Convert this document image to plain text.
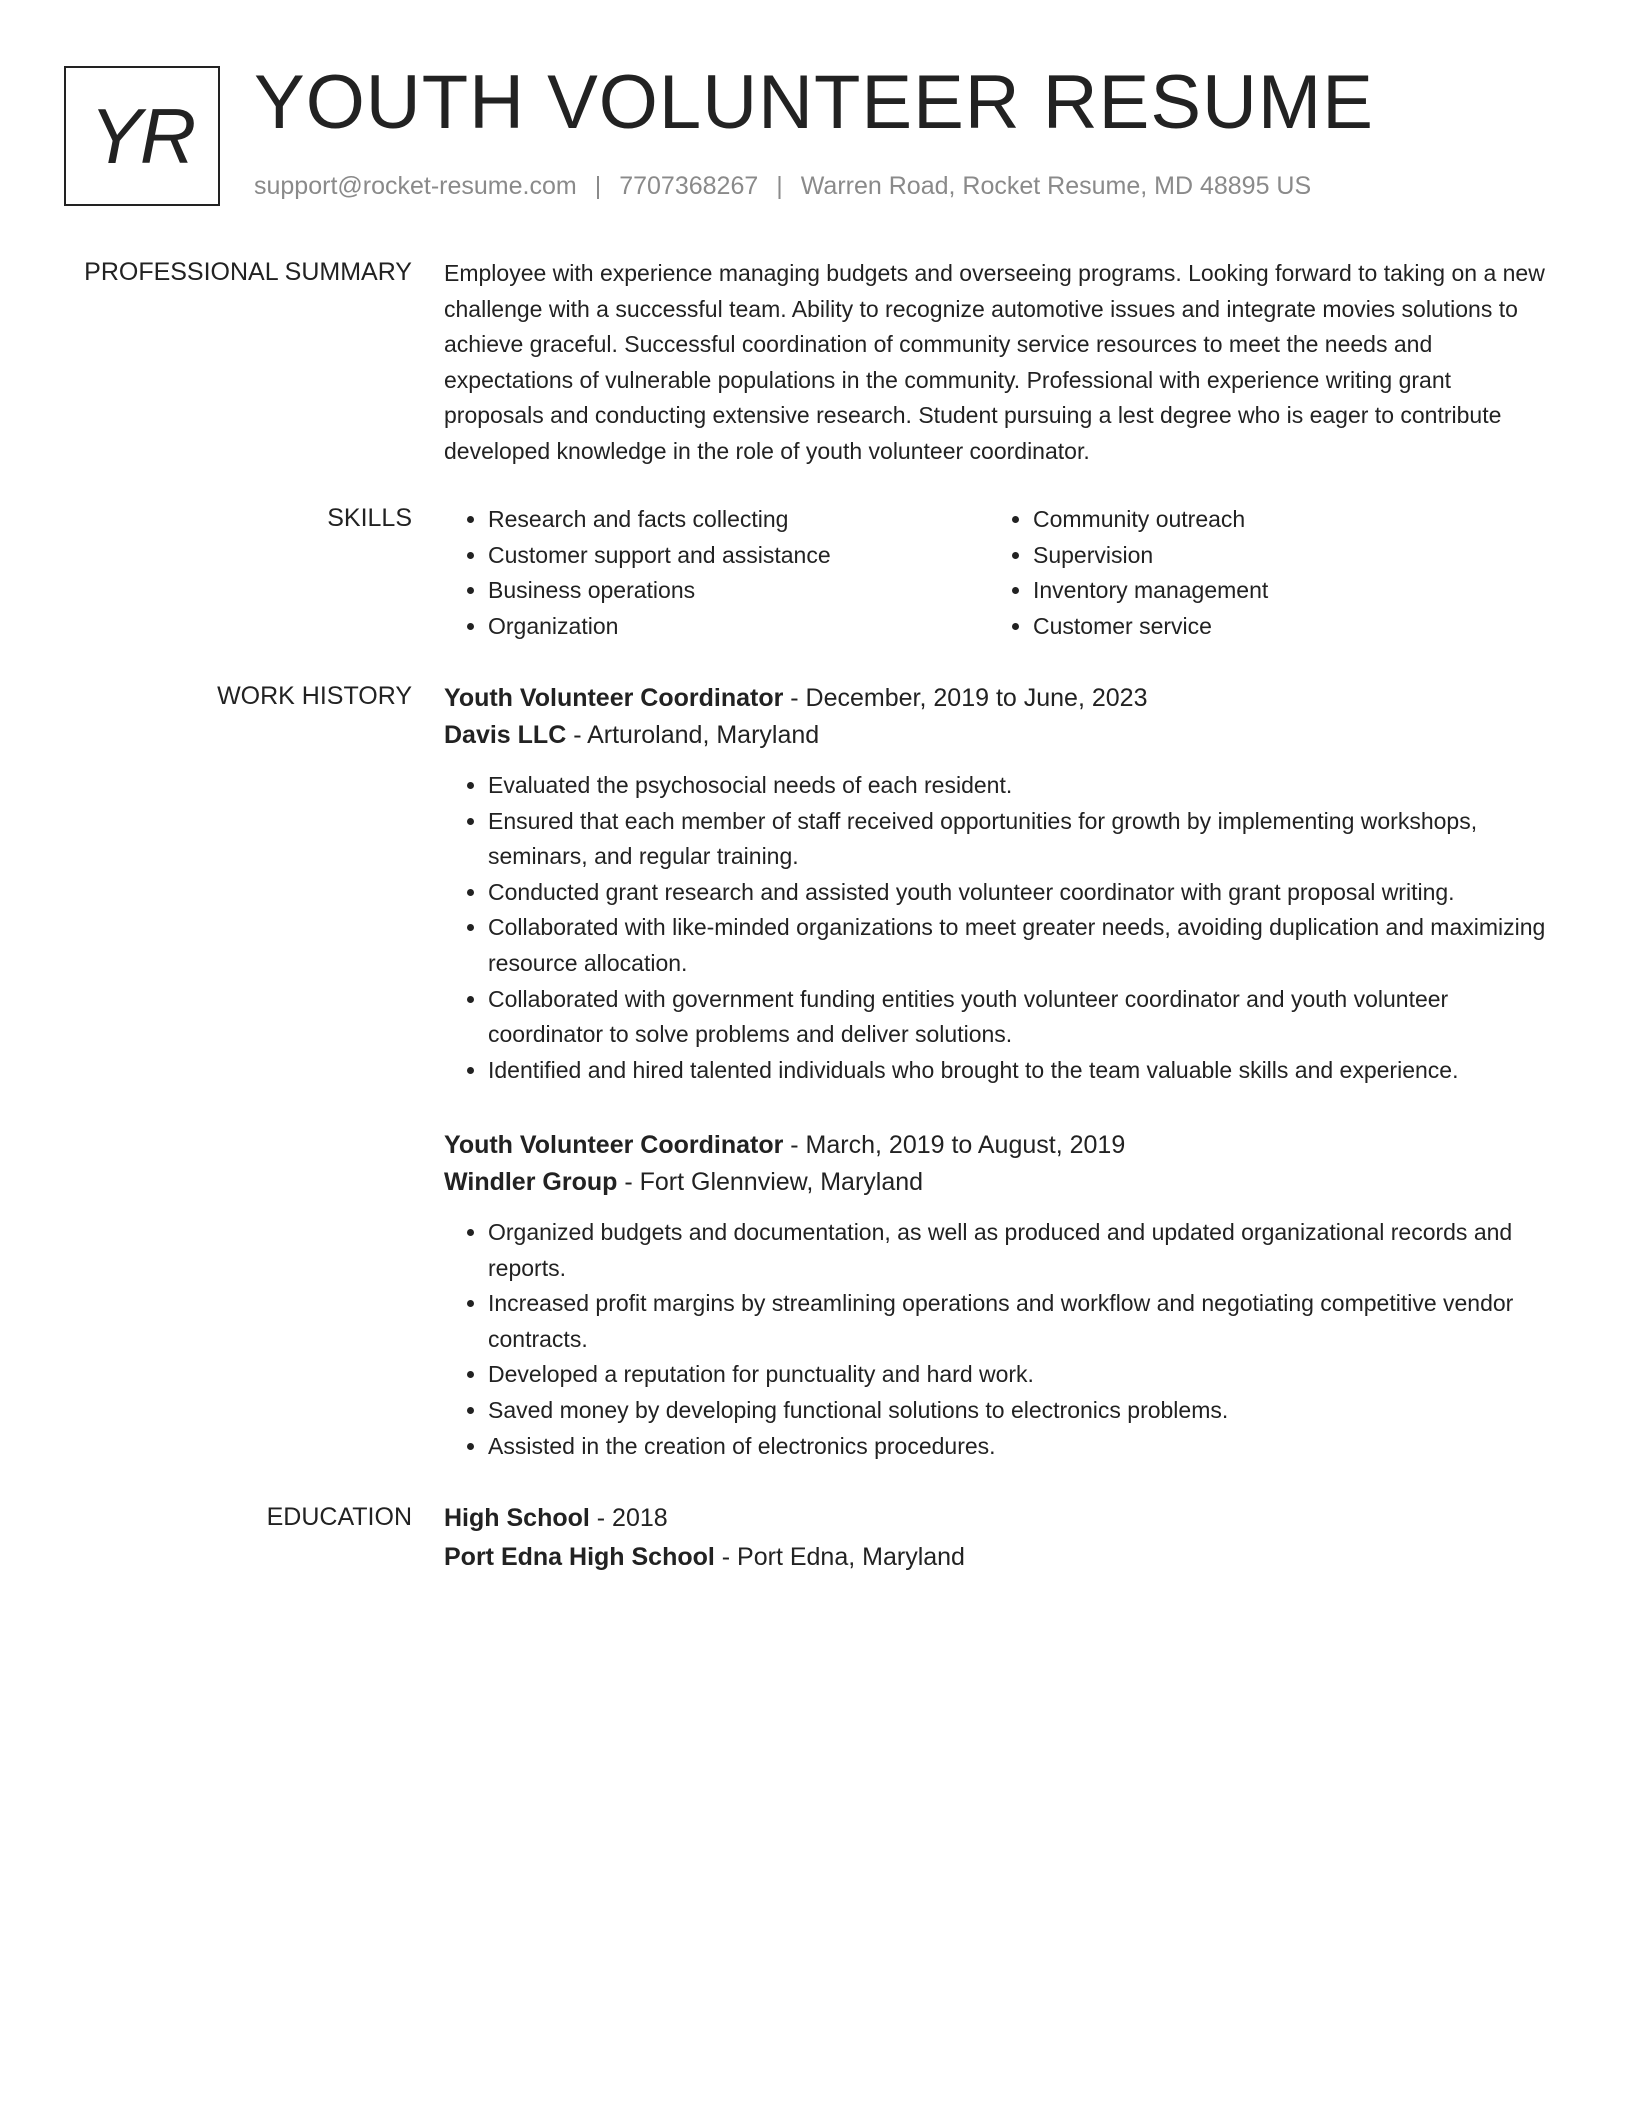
YR YOUTH VOLUNTEER RESUME
support@rocket-resume.com | 7707368267 | Warren Road, Rocket Resume, MD 48895 US
PROFESSIONAL SUMMARY Employee with experience managing budgets and overseeing programs. Looking forward to taking on a new challenge with a successful team. Ability to recognize automotive issues and integrate movies solutions to achieve graceful. Successful coordination of community service resources to meet the needs and expectations of vulnerable populations in the community. Professional with experience writing grant proposals and conducting extensive research. Student pursuing a lest degree who is eager to contribute developed knowledge in the role of youth volunteer coordinator.

SKILLS
•	Research and facts collecting
• Customer support and assistance
• Business operations
• Organization
• Community outreach
• Supervision
• Inventory management
• Customer service
WORK HISTORY Youth Volunteer Coordinator - December, 2019 to June, 2023
Davis LLC - Arturoland, Maryland
• Evaluated the psychosocial needs of each resident.
• Ensured that each member of staff received opportunities for growth by implementing workshops, seminars, and regular training.
• Conducted grant research and assisted youth volunteer coordinator with grant proposal writing.
• Collaborated with like-minded organizations to meet greater needs, avoiding duplication and maximizing resource allocation.
• Collaborated with government funding entities youth volunteer coordinator and youth volunteer coordinator to solve problems and deliver solutions.
• Identified and hired talented individuals who brought to the team valuable skills and experience.
Youth Volunteer Coordinator - March, 2019 to August, 2019
Windler Group - Fort Glennview, Maryland
• Organized budgets and documentation, as well as produced and updated organizational records and reports.
• Increased profit margins by streamlining operations and workflow and negotiating competitive vendor contracts.
• Developed a reputation for punctuality and hard work.
• Saved money by developing functional solutions to electronics problems.
• Assisted in the creation of electronics procedures.
EDUCATION High School - 2018
Port Edna High School - Port Edna, Maryland
